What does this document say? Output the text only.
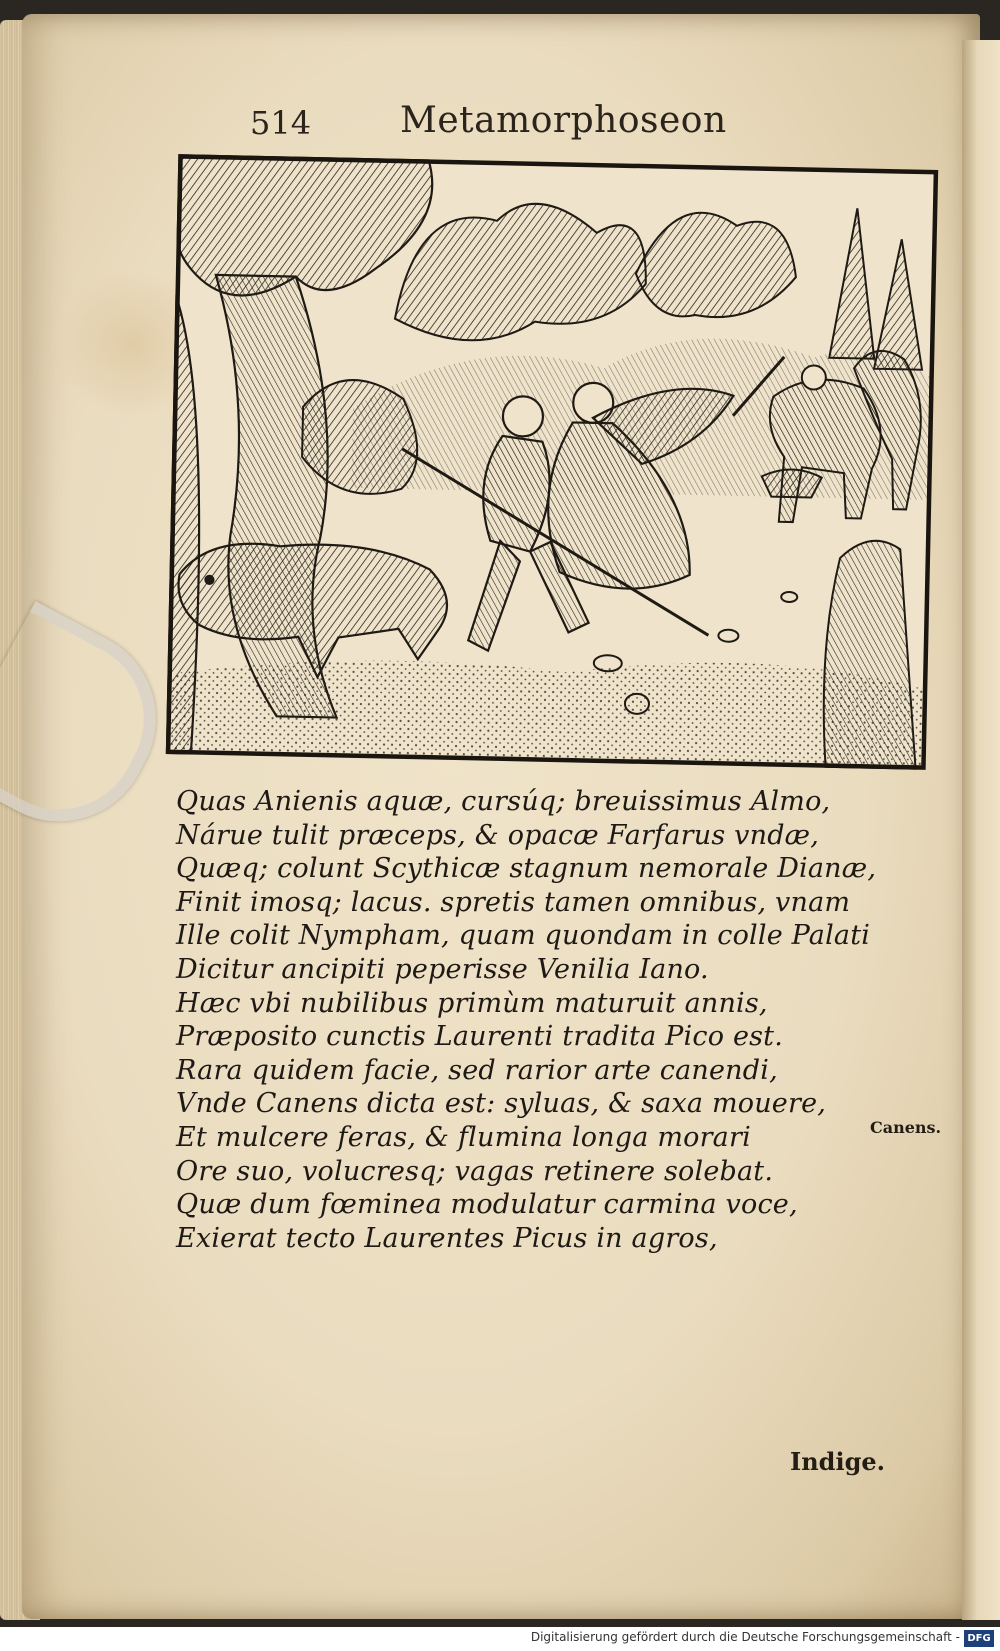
514 Metamorphoseon
Quas Anienis aquæ, cursúq; breuissimus Almo,
Nárue tulit præceps, & opacæ Farfarus vndæ,
Quæq; colunt Scythicæ stagnum nemorale Dianæ,
Finit imosq; lacus. spretis tamen omnibus, vnam
Ille colit Nympham, quam quondam in colle Palati
Dicitur ancipiti peperisse Venilia Iano.
Hæc vbi nubilibus primùm maturuit annis,
Præposito cunctis Laurenti tradita Pico est.
Rara quidem facie, sed rarior arte canendi,
Vnde Canens dicta est: syluas, & saxa mouere,
Et mulcere feras, & flumina longa morari
Ore suo, volucresq; vagas retinere solebat.
Quæ dum fœminea modulatur carmina voce,
Exierat tecto Laurentes Picus in agros,
Canens.
Indige.
Digitalisierung gefördert durch die Deutsche Forschungsgemeinschaft - DFG
